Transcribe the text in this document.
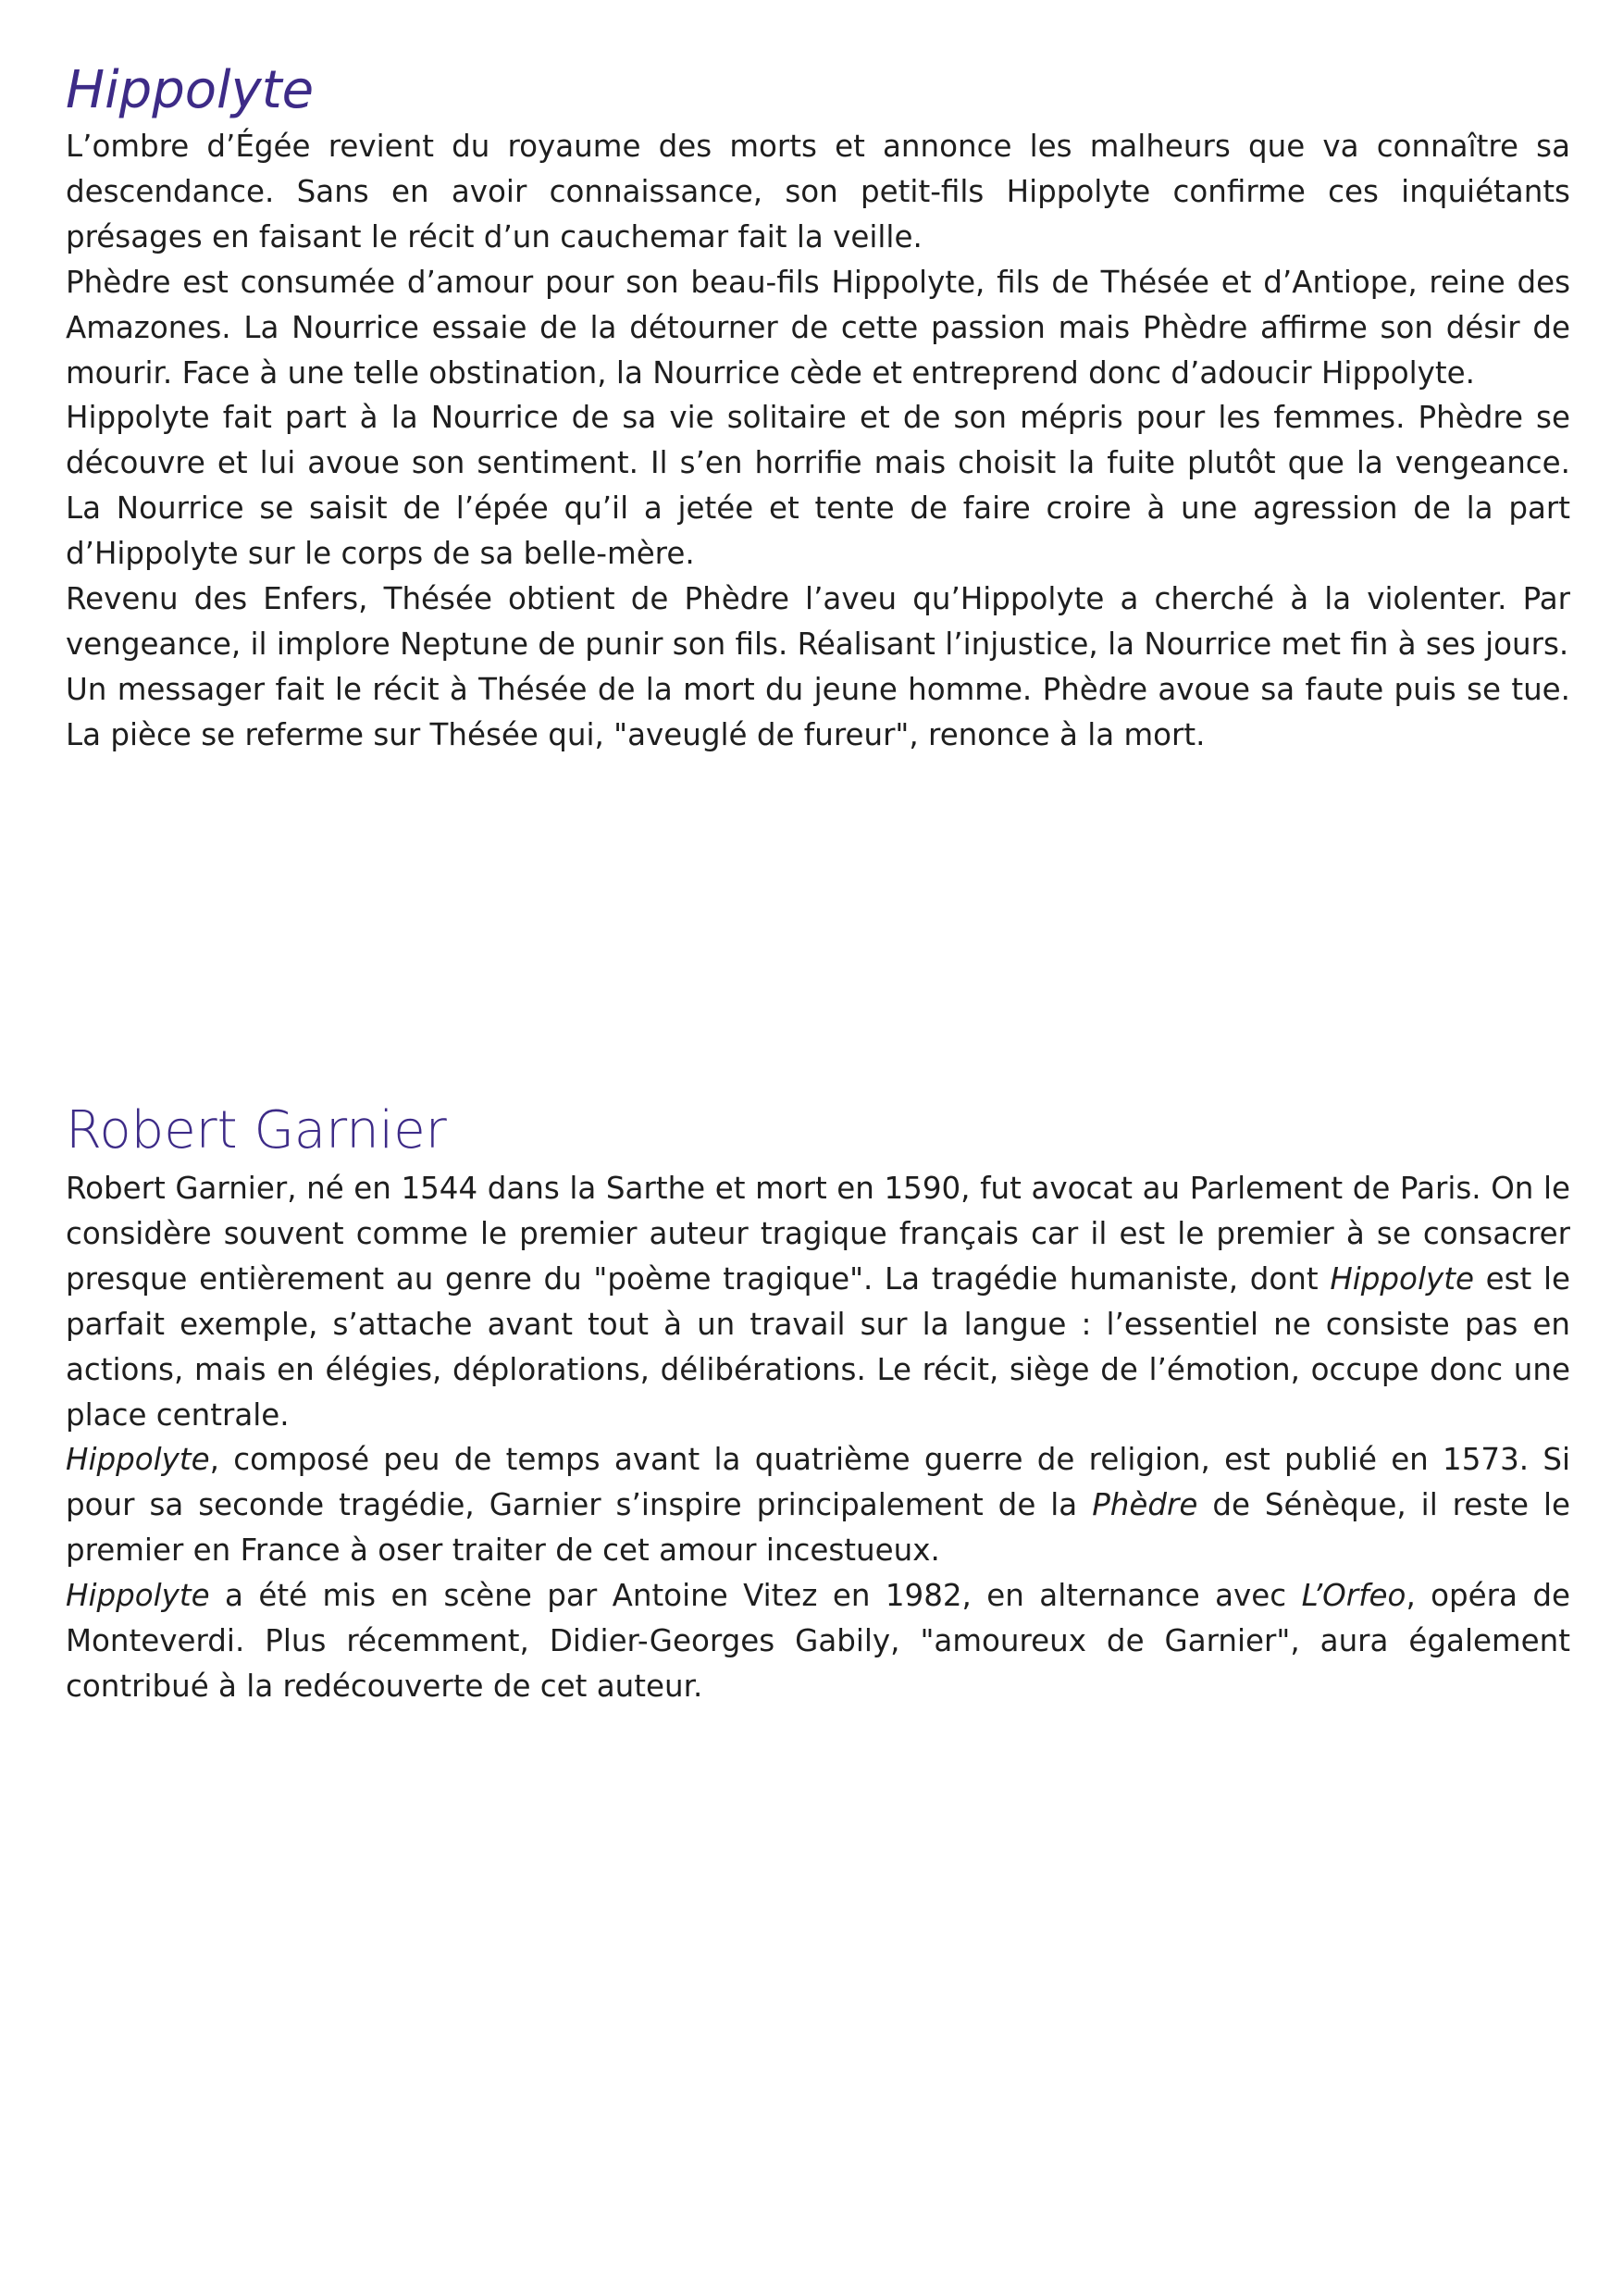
Hippolyte

L’ombre d’Égée revient du royaume des morts et annonce les malheurs que va connaître sa descendance. Sans en avoir connaissance, son petit-fils Hippolyte confirme ces inquiétants présages en faisant le récit d’un cauchemar fait la veille.

Phèdre est consumée d’amour pour son beau-fils Hippolyte, fils de Thésée et d’Antiope, reine des Amazones. La Nourrice essaie de la détourner de cette passion mais Phèdre affirme son désir de mourir. Face à une telle obstination, la Nourrice cède et entreprend donc d’adoucir Hippolyte.

Hippolyte fait part à la Nourrice de sa vie solitaire et de son mépris pour les femmes. Phèdre se découvre et lui avoue son sentiment. Il s’en horrifie mais choisit la fuite plutôt que la vengeance. La Nourrice se saisit de l’épée qu’il a jetée et tente de faire croire à une agression de la part d’Hippolyte sur le corps de sa belle-mère.

Revenu des Enfers, Thésée obtient de Phèdre l’aveu qu’Hippolyte a cherché à la violenter. Par vengeance, il implore Neptune de punir son fils. Réalisant l’injustice, la Nourrice met fin à ses jours.

Un messager fait le récit à Thésée de la mort du jeune homme. Phèdre avoue sa faute puis se tue. La pièce se referme sur Thésée qui, "aveuglé de fureur", renonce à la mort.

Robert Garnier

Robert Garnier, né en 1544 dans la Sarthe et mort en 1590, fut avocat au Parlement de Paris. On le considère souvent comme le premier auteur tragique français car il est le premier à se consacrer presque entièrement au genre du "poème tragique". La tragédie humaniste, dont Hippolyte est le parfait exemple, s’attache avant tout à un travail sur la langue : l’essentiel ne consiste pas en actions, mais en élégies, déplorations, délibérations. Le récit, siège de l’émotion, occupe donc une place centrale.

Hippolyte, composé peu de temps avant la quatrième guerre de religion, est publié en 1573. Si pour sa seconde tragédie, Garnier s’inspire principalement de la Phèdre de Sénèque, il reste le premier en France à oser traiter de cet amour incestueux.

Hippolyte a été mis en scène par Antoine Vitez en 1982, en alternance avec L’Orfeo, opéra de Monteverdi. Plus récemment, Didier-Georges Gabily, "amoureux de Garnier", aura également contribué à la redécouverte de cet auteur.
